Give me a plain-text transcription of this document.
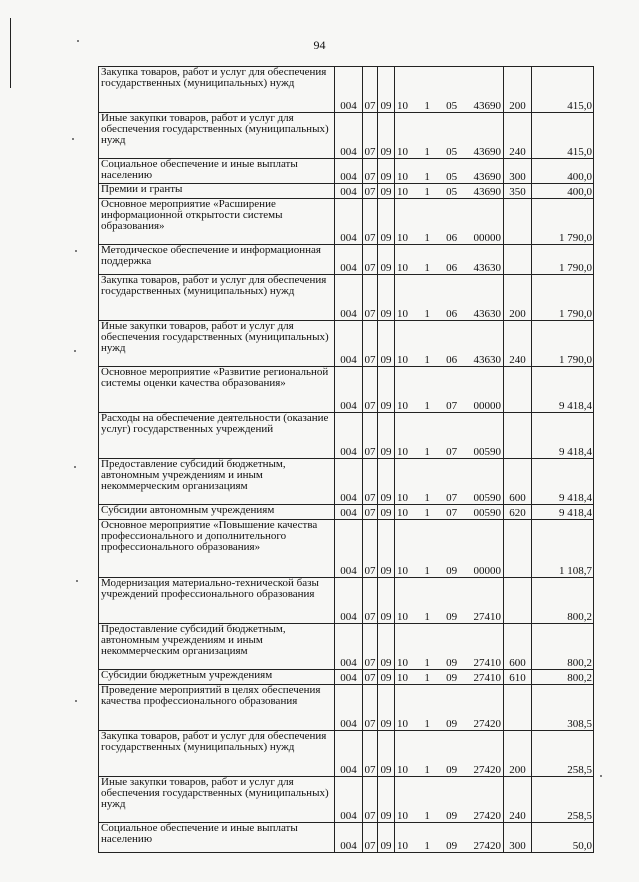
94
Закупка товаров, работ и услуг для обеспечения государственных (муниципальных) нужд	004	07	09	10 1 05 43690	200	415,0
Иные закупки товаров, работ и услуг для обеспечения государственных (муниципальных) нужд	004	07	09	10 1 05 43690	240	415,0
Социальное обеспечение и иные выплаты населению	004	07	09	10 1 05 43690	300	400,0
Премии и гранты	004	07	09	10 1 05 43690	350	400,0
Основное мероприятие «Расширение информационной открытости системы образования»	004	07	09	10 1 06 00000		1 790,0
Методическое обеспечение и информационная поддержка	004	07	09	10 1 06 43630		1 790,0
Закупка товаров, работ и услуг для обеспечения государственных (муниципальных) нужд	004	07	09	10 1 06 43630	200	1 790,0
Иные закупки товаров, работ и услуг для обеспечения государственных (муниципальных) нужд	004	07	09	10 1 06 43630	240	1 790,0
Основное мероприятие «Развитие региональной системы оценки качества образования»	004	07	09	10 1 07 00000		9 418,4
Расходы на обеспечение деятельности (оказание услуг) государственных учреждений	004	07	09	10 1 07 00590		9 418,4
Предоставление субсидий бюджетным, автономным учреждениям и иным некоммерческим организациям	004	07	09	10 1 07 00590	600	9 418,4
Субсидии автономным учреждениям	004	07	09	10 1 07 00590	620	9 418,4
Основное мероприятие «Повышение качества профессионального и дополнительного профессионального образования»	004	07	09	10 1 09 00000		1 108,7
Модернизация материально-технической базы учреждений профессионального образования	004	07	09	10 1 09 27410		800,2
Предоставление субсидий бюджетным, автономным учреждениям и иным некоммерческим организациям	004	07	09	10 1 09 27410	600	800,2
Субсидии бюджетным учреждениям	004	07	09	10 1 09 27410	610	800,2
Проведение мероприятий в целях обеспечения качества профессионального образования	004	07	09	10 1 09 27420		308,5
Закупка товаров, работ и услуг для обеспечения государственных (муниципальных) нужд	004	07	09	10 1 09 27420	200	258,5
Иные закупки товаров, работ и услуг для обеспечения государственных (муниципальных) нужд	004	07	09	10 1 09 27420	240	258,5
Социальное обеспечение и иные выплаты населению	004	07	09	10 1 09 27420	300	50,0
